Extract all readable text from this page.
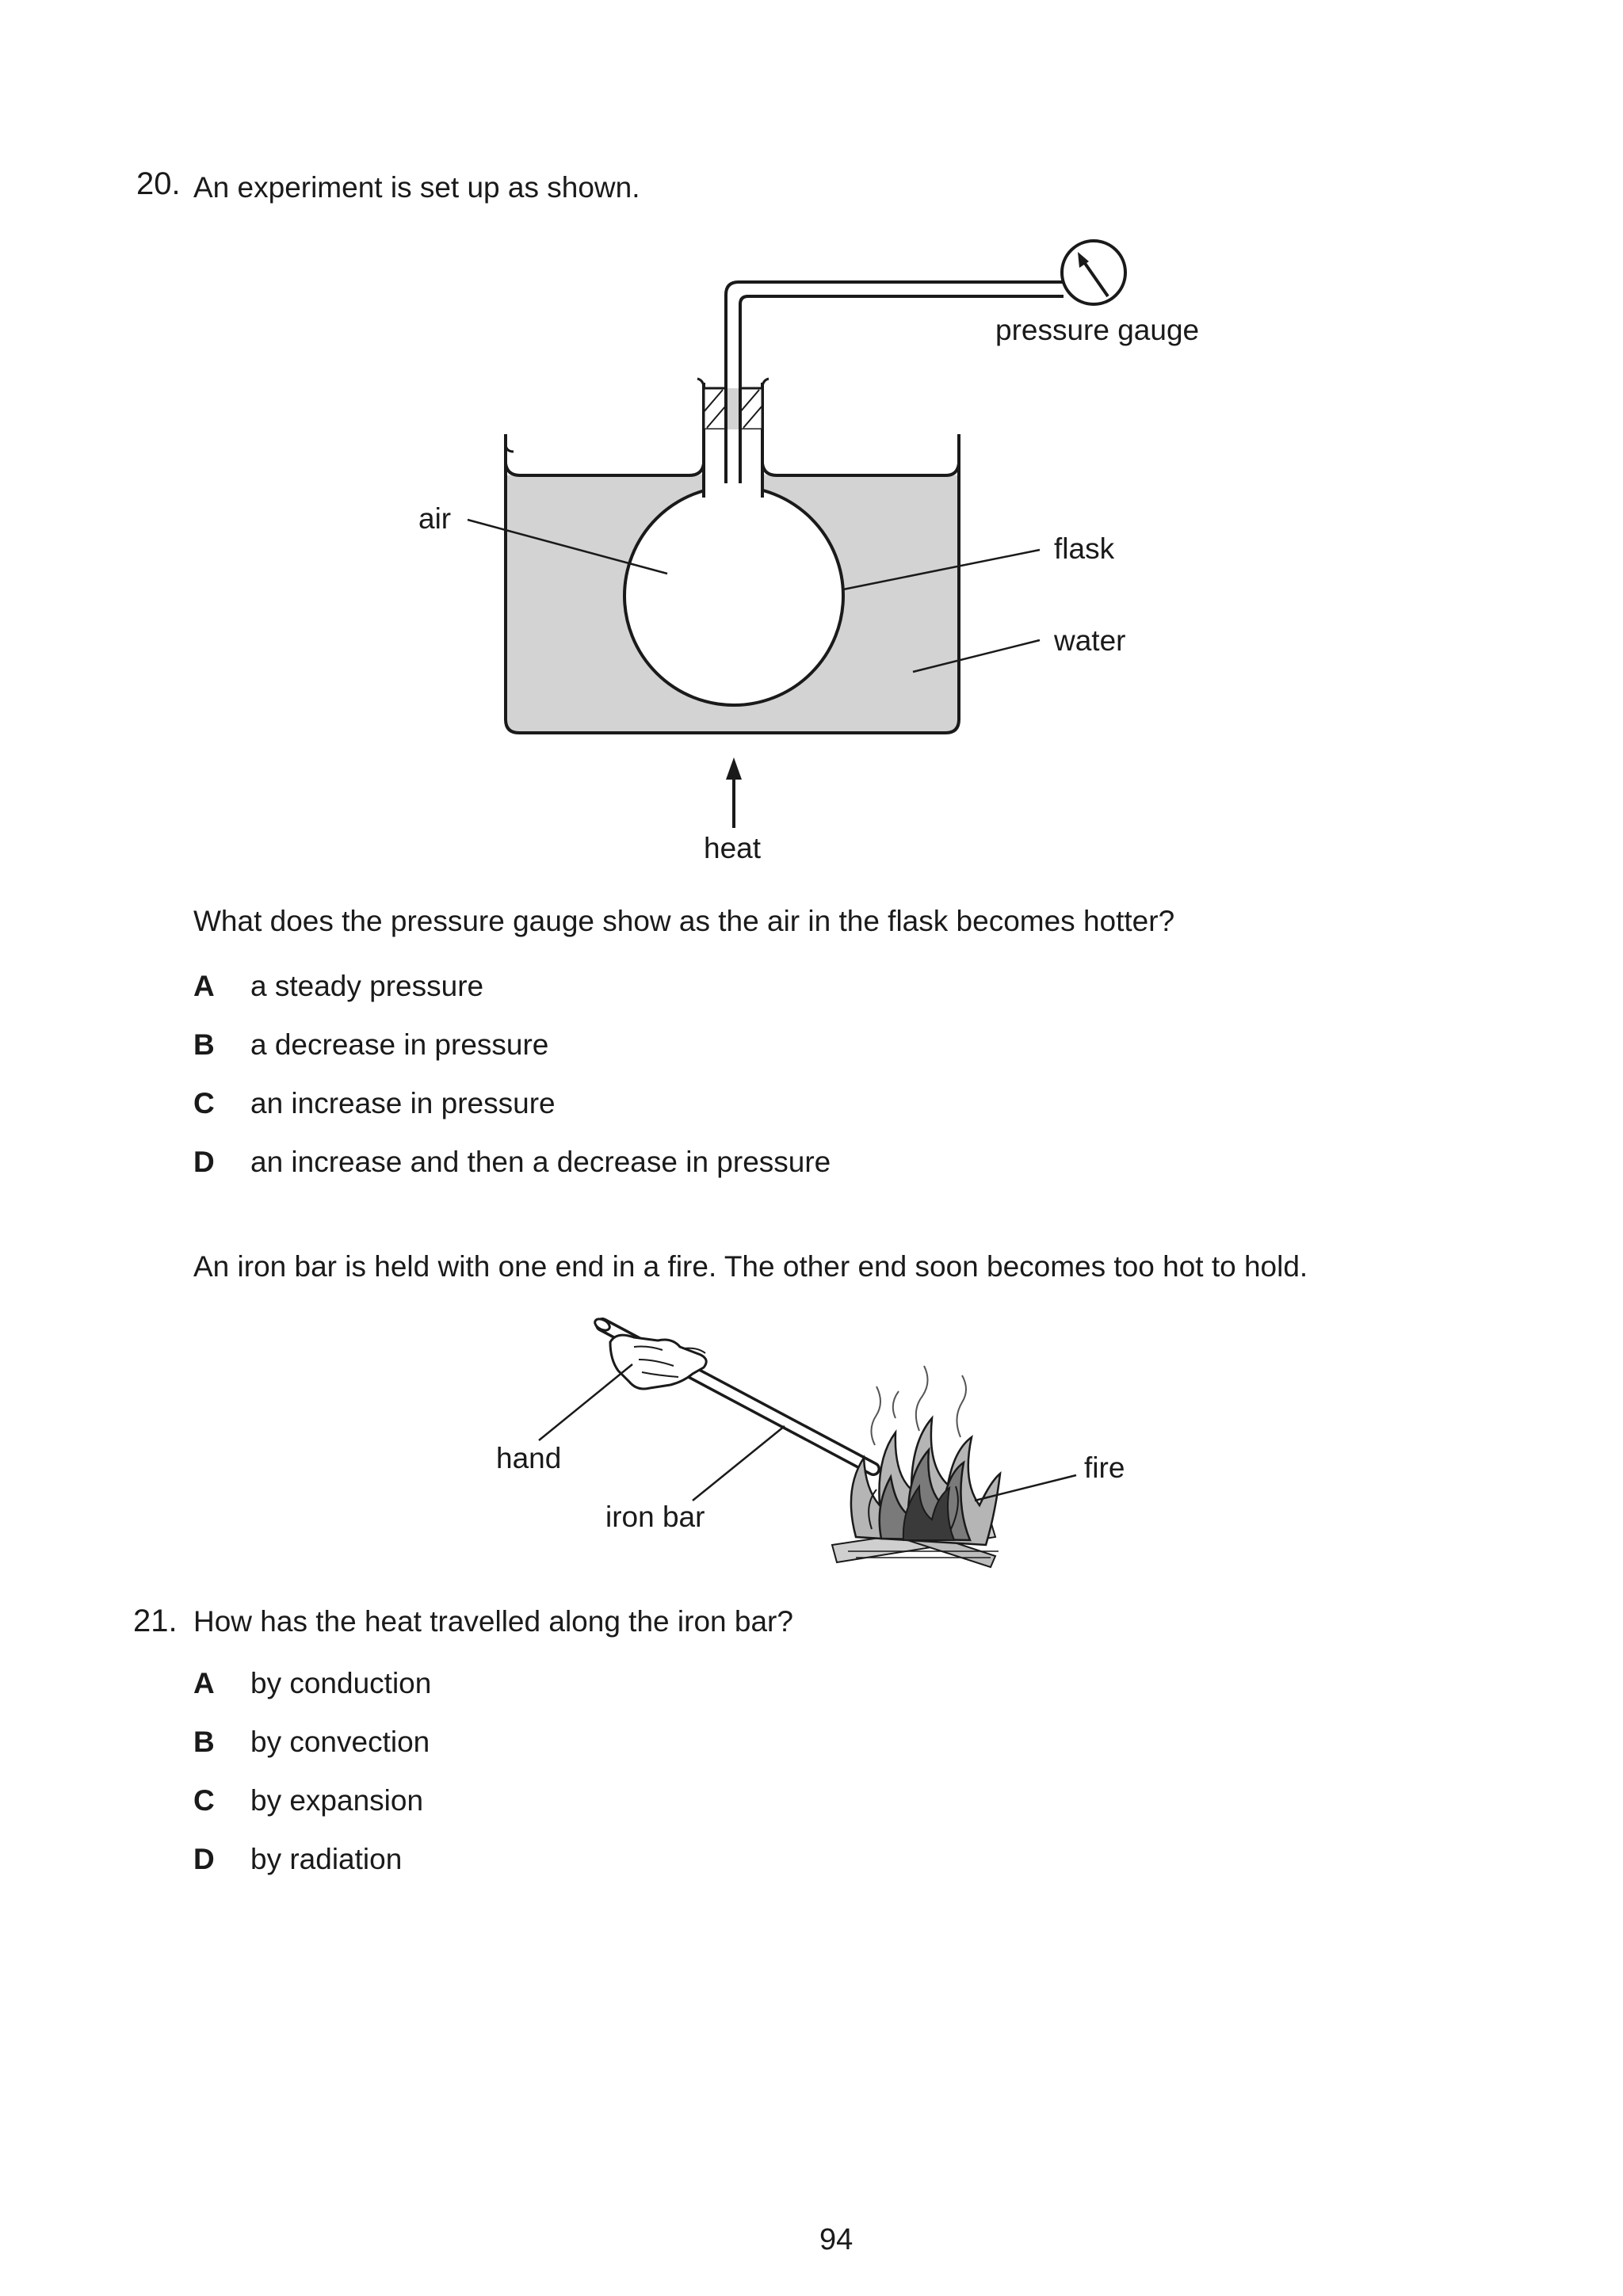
20. An experiment is set up as shown.
pressure gauge
air
flask
water
heat
What does the pressure gauge show as the air in the flask becomes hotter?
A a steady pressure
B a decrease in pressure
C an increase in pressure
D an increase and then a decrease in pressure
An iron bar is held with one end in a fire. The other end soon becomes too hot to hold.
hand
iron bar
fire
21. How has the heat travelled along the iron bar?
A by conduction
B by convection
C by expansion
D by radiation
94
